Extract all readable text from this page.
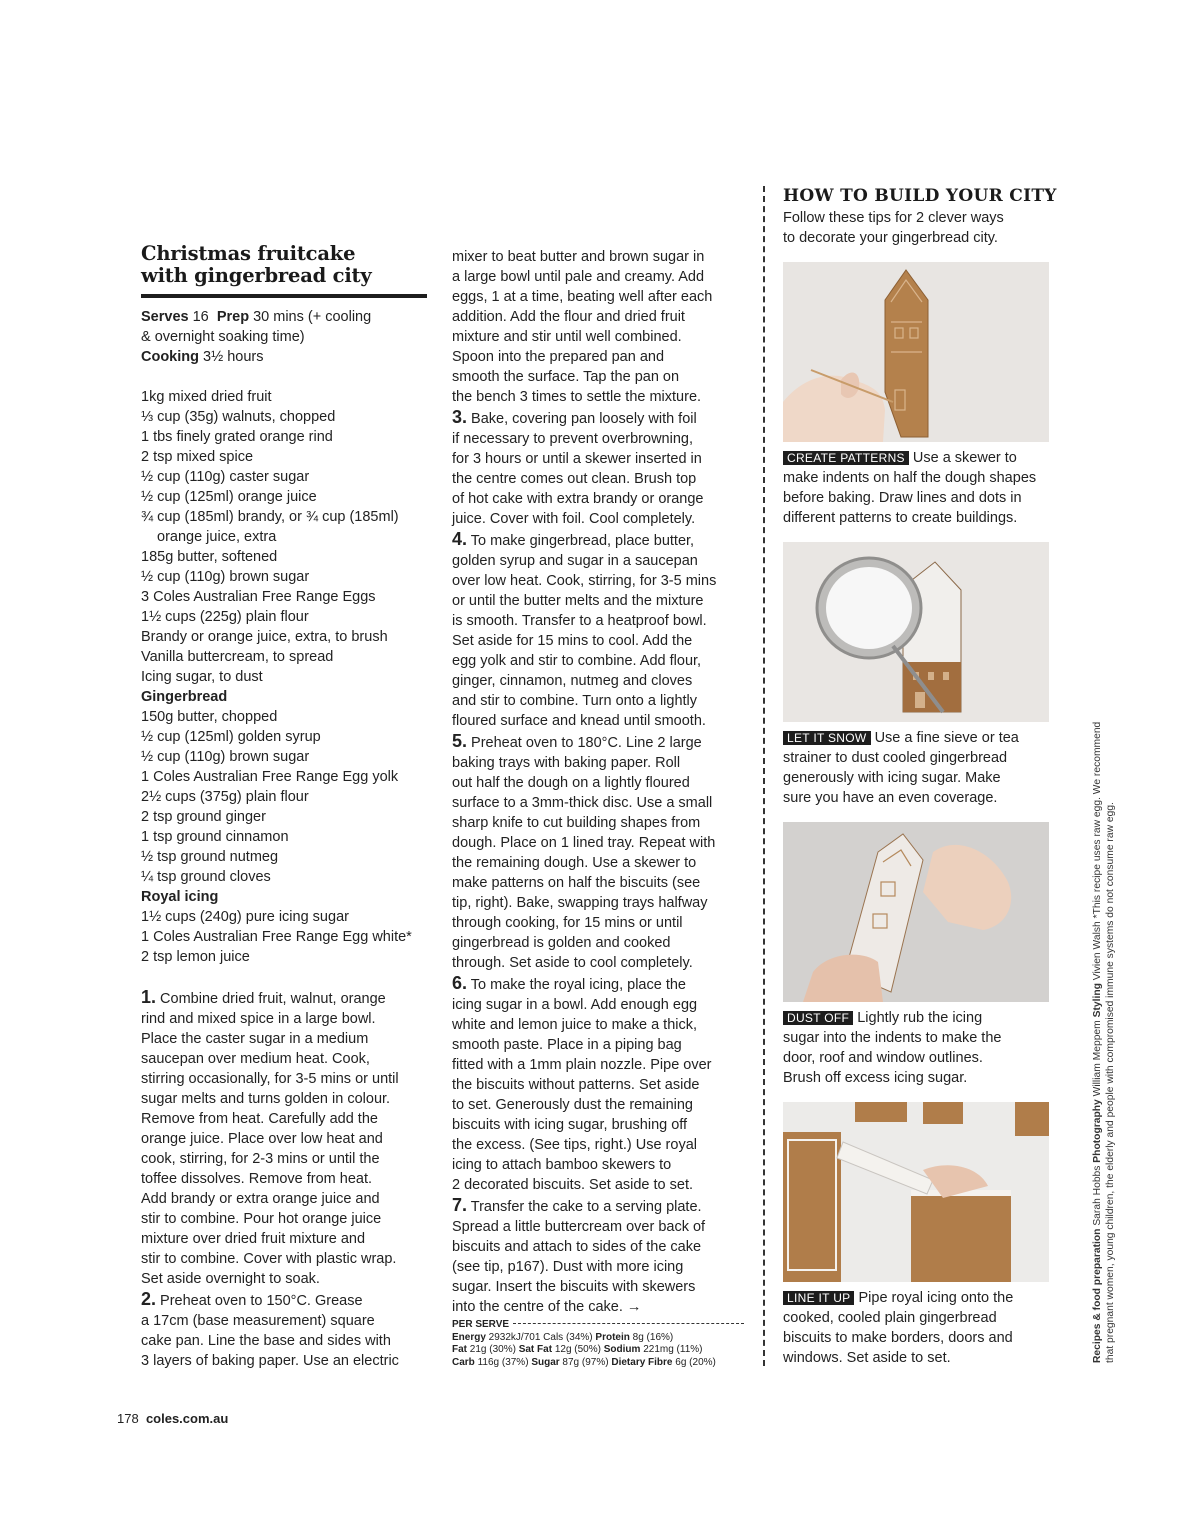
Christmas fruitcake
with gingerbread city

Serves 16 Prep 30 mins (+ cooling

& overnight soaking time)

Cooking 3½ hours

1kg mixed dried fruit

⅓ cup (35g) walnuts, chopped

1 tbs finely grated orange rind

2 tsp mixed spice

½ cup (110g) caster sugar

½ cup (125ml) orange juice

¾ cup (185ml) brandy, or ¾ cup (185ml)

orange juice, extra

185g butter, softened

½ cup (110g) brown sugar

3 Coles Australian Free Range Eggs

1½ cups (225g) plain flour

Brandy or orange juice, extra, to brush

Vanilla buttercream, to spread

Icing sugar, to dust

Gingerbread

150g butter, chopped

½ cup (125ml) golden syrup

½ cup (110g) brown sugar

1 Coles Australian Free Range Egg yolk

2½ cups (375g) plain flour

2 tsp ground ginger

1 tsp ground cinnamon

½ tsp ground nutmeg

¼ tsp ground cloves

Royal icing

1½ cups (240g) pure icing sugar

1 Coles Australian Free Range Egg white*

2 tsp lemon juice

1. Combine dried fruit, walnut, orange

rind and mixed spice in a large bowl.

Place the caster sugar in a medium

saucepan over medium heat. Cook,

stirring occasionally, for 3-5 mins or until

sugar melts and turns golden in colour.

Remove from heat. Carefully add the

orange juice. Place over low heat and

cook, stirring, for 2-3 mins or until the

toffee dissolves. Remove from heat.

Add brandy or extra orange juice and

stir to combine. Pour hot orange juice

mixture over dried fruit mixture and

stir to combine. Cover with plastic wrap.

Set aside overnight to soak.

2. Preheat oven to 150°C. Grease

a 17cm (base measurement) square

cake pan. Line the base and sides with

3 layers of baking paper. Use an electric

mixer to beat butter and brown sugar in

a large bowl until pale and creamy. Add

eggs, 1 at a time, beating well after each

addition. Add the flour and dried fruit

mixture and stir until well combined.

Spoon into the prepared pan and

smooth the surface. Tap the pan on

the bench 3 times to settle the mixture.

3. Bake, covering pan loosely with foil

if necessary to prevent overbrowning,

for 3 hours or until a skewer inserted in

the centre comes out clean. Brush top

of hot cake with extra brandy or orange

juice. Cover with foil. Cool completely.

4. To make gingerbread, place butter,

golden syrup and sugar in a saucepan

over low heat. Cook, stirring, for 3-5 mins

or until the butter melts and the mixture

is smooth. Transfer to a heatproof bowl.

Set aside for 15 mins to cool. Add the

egg yolk and stir to combine. Add flour,

ginger, cinnamon, nutmeg and cloves

and stir to combine. Turn onto a lightly

floured surface and knead until smooth.

5. Preheat oven to 180°C. Line 2 large

baking trays with baking paper. Roll

out half the dough on a lightly floured

surface to a 3mm-thick disc. Use a small

sharp knife to cut building shapes from

dough. Place on 1 lined tray. Repeat with

the remaining dough. Use a skewer to

make patterns on half the biscuits (see

tip, right). Bake, swapping trays halfway

through cooking, for 15 mins or until

gingerbread is golden and cooked

through. Set aside to cool completely.

6. To make the royal icing, place the

icing sugar in a bowl. Add enough egg

white and lemon juice to make a thick,

smooth paste. Place in a piping bag

fitted with a 1mm plain nozzle. Pipe over

the biscuits without patterns. Set aside

to set. Generously dust the remaining

biscuits with icing sugar, brushing off

the excess. (See tips, right.) Use royal

icing to attach bamboo skewers to

2 decorated biscuits. Set aside to set.

7. Transfer the cake to a serving plate.

Spread a little buttercream over back of

biscuits and attach to sides of the cake

(see tip, p167). Dust with more icing

sugar. Insert the biscuits with skewers

into the centre of the cake. →

PER SERVE
Energy 2932kJ/701 Cals (34%) Protein 8g (16%)
Fat 21g (30%) Sat Fat 12g (50%) Sodium 221mg (11%)
Carb 116g (37%) Sugar 87g (97%) Dietary Fibre 6g (20%)
HOW TO BUILD YOUR CITY

Follow these tips for 2 clever ways

to decorate your gingerbread city.

CREATE PATTERNS Use a skewer to

make indents on half the dough shapes

before baking. Draw lines and dots in

different patterns to create buildings.

LET IT SNOW Use a fine sieve or tea

strainer to dust cooled gingerbread

generously with icing sugar. Make

sure you have an even coverage.

DUST OFF Lightly rub the icing

sugar into the indents to make the

door, roof and window outlines.

Brush off excess icing sugar.

LINE IT UP Pipe royal icing onto the

cooked, cooled plain gingerbread

biscuits to make borders, doors and

windows. Set aside to set.	Recipes & food preparation Sarah Hobbs Photography William Meppem Styling Vivien Walsh *This recipe uses raw egg. We recommend that pregnant women, young children, the elderly and people with compromised immune systems do not consume raw egg.
178 coles.com.au
